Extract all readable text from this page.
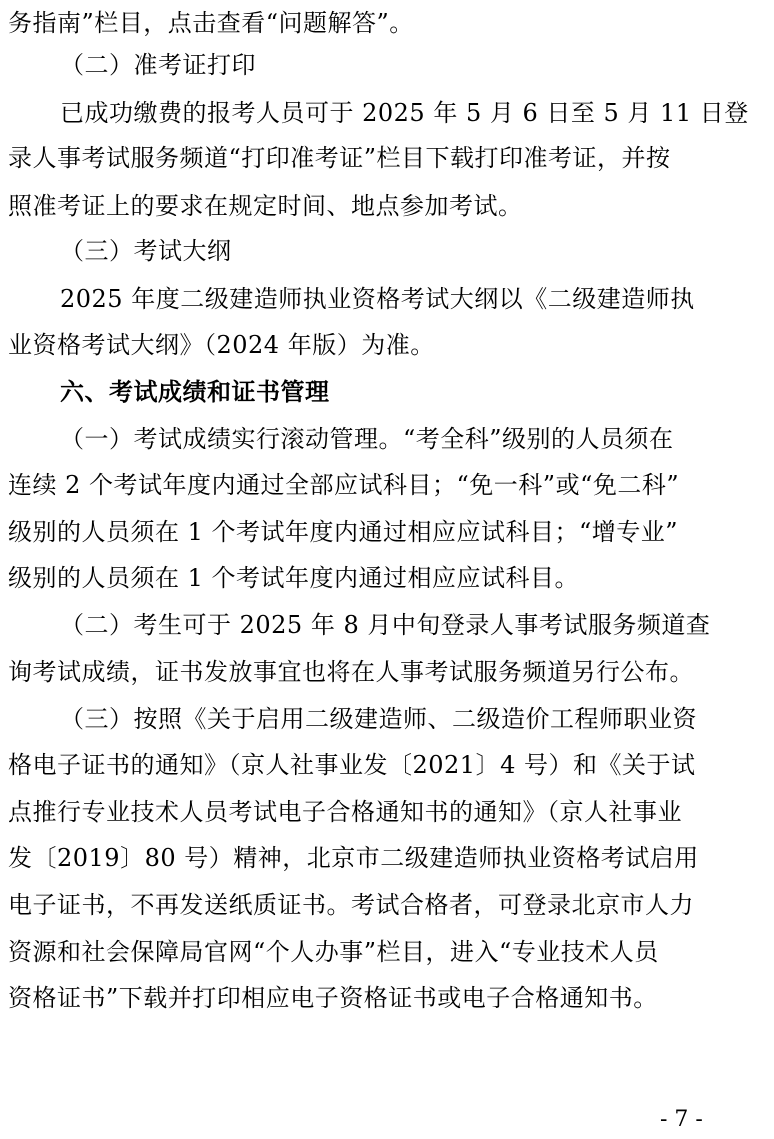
务指南”栏目，点击查看“问题解答”。
（二）准考证打印
已成功缴费的报考人员可于 2025 年 5 月 6 日至 5 月 11 日登
录人事考试服务频道“打印准考证”栏目下载打印准考证，并按
照准考证上的要求在规定时间、地点参加考试。
（三）考试大纲
2025 年度二级建造师执业资格考试大纲以《二级建造师执
业资格考试大纲》（2024 年版）为准。
六、考试成绩和证书管理
（一）考试成绩实行滚动管理。“考全科”级别的人员须在
连续 2 个考试年度内通过全部应试科目；“免一科”或“免二科”
级别的人员须在 1 个考试年度内通过相应应试科目；“增专业”
级别的人员须在 1 个考试年度内通过相应应试科目。
（二）考生可于 2025 年 8 月中旬登录人事考试服务频道查
询考试成绩，证书发放事宜也将在人事考试服务频道另行公布。
（三）按照《关于启用二级建造师、二级造价工程师职业资
格电子证书的通知》（京人社事业发〔2021〕4 号）和《关于试
点推行专业技术人员考试电子合格通知书的通知》（京人社事业
发〔2019〕80 号）精神，北京市二级建造师执业资格考试启用
电子证书，不再发送纸质证书。考试合格者，可登录北京市人力
资源和社会保障局官网“个人办事”栏目，进入“专业技术人员
资格证书”下载并打印相应电子资格证书或电子合格通知书。
- 7 -
